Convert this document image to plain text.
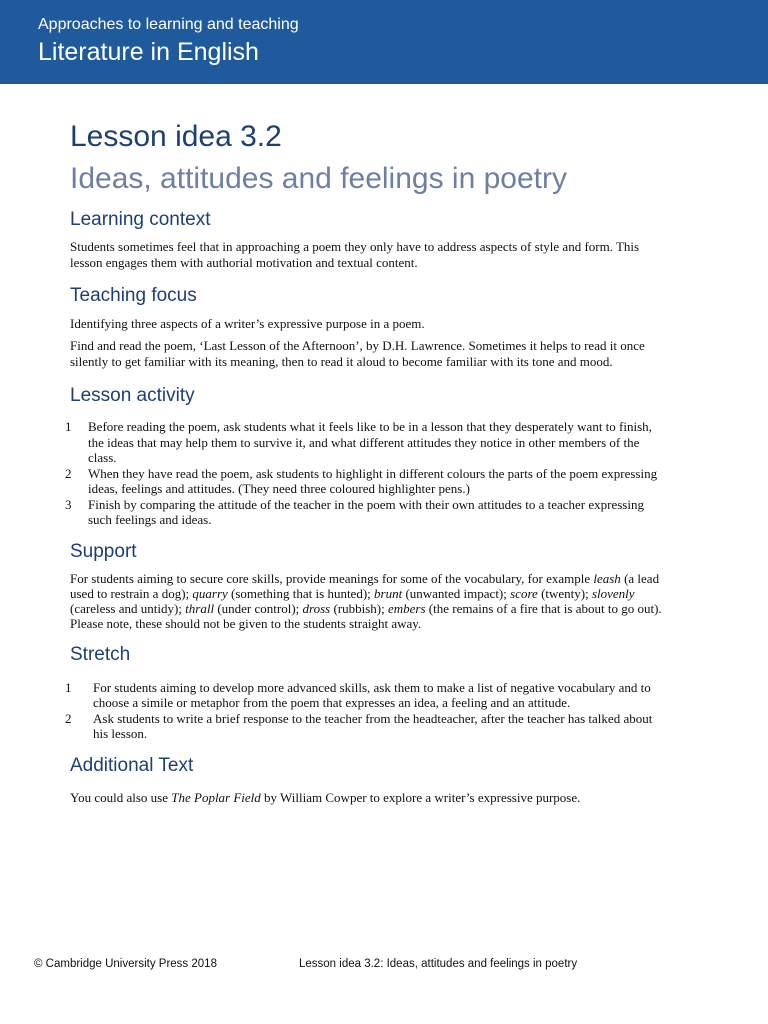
Approaches to learning and teaching
Literature in English
Lesson idea 3.2
Ideas, attitudes and feelings in poetry
Learning context

Students sometimes feel that in approaching a poem they only have to address aspects of style and form. This lesson engages them with authorial motivation and textual content.

Teaching focus

Identifying three aspects of a writer’s expressive purpose in a poem.

Find and read the poem, ‘Last Lesson of the Afternoon’, by D.H. Lawrence. Sometimes it helps to read it once silently to get familiar with its meaning, then to read it aloud to become familiar with its tone and mood.

Lesson activity
1 Before reading the poem, ask students what it feels like to be in a lesson that they desperately want to finish, the ideas that may help them to survive it, and what different attitudes they notice in other members of the class.
2 When they have read the poem, ask students to highlight in different colours the parts of the poem expressing ideas, feelings and attitudes. (They need three coloured highlighter pens.)
3 Finish by comparing the attitude of the teacher in the poem with their own attitudes to a teacher expressing such feelings and ideas.
Support

For students aiming to secure core skills, provide meanings for some of the vocabulary, for example leash (a lead used to restrain a dog); quarry (something that is hunted); brunt (unwanted impact); score (twenty); slovenly (careless and untidy); thrall (under control); dross (rubbish); embers (the remains of a fire that is about to go out). Please note, these should not be given to the students straight away.

Stretch
1 For students aiming to develop more advanced skills, ask them to make a list of negative vocabulary and to choose a simile or metaphor from the poem that expresses an idea, a feeling and an attitude.
2 Ask students to write a brief response to the teacher from the headteacher, after the teacher has talked about his lesson.
Additional Text

You could also use The Poplar Field by William Cowper to explore a writer’s expressive purpose.

© Cambridge University Press 2018	Lesson idea 3.2: Ideas, attitudes and feelings in poetry
